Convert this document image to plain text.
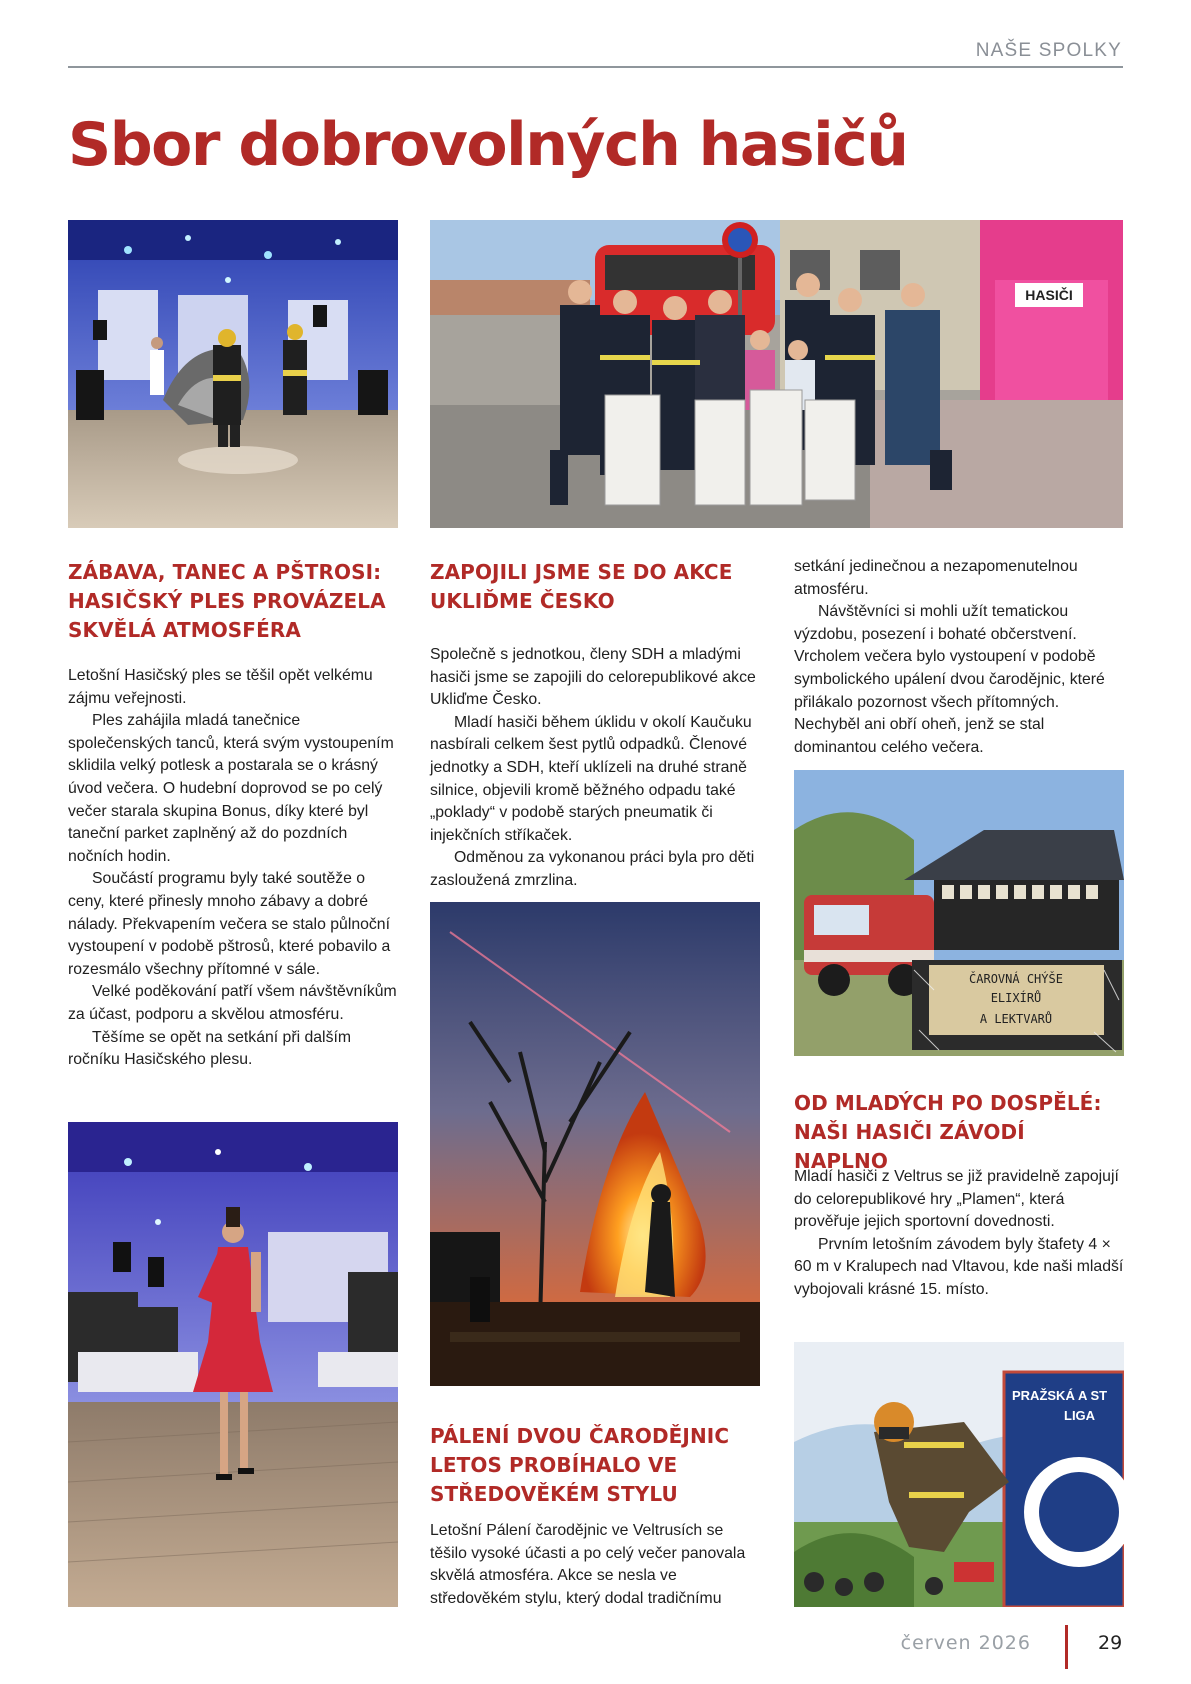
NAŠE SPOLKY
Sbor dobrovolných hasičů
HASIČI
ZÁBAVA, TANEC A PŠTROSI: HASIČSKÝ PLES PROVÁZELA SKVĚLÁ ATMOSFÉRA

Letošní Hasičský ples se těšil opět velkému zájmu veřejnosti.

Ples zahájila mladá tanečnice společenských tanců, která svým vystoupením sklidila velký potlesk a postarala se o krásný úvod večera. O hudební doprovod se po celý večer starala skupina Bonus, díky které byl taneční parket zaplněný až do pozdních nočních hodin.

Součástí programu byly také soutěže o ceny, které přinesly mnoho zábavy a dobré nálady. Překvapením večera se stalo půlnoční vystoupení v podobě pštrosů, které pobavilo a rozesmálo všechny přítomné v sále.

Velké poděkování patří všem návštěvníkům za účast, podporu a skvělou atmosféru.

Těšíme se opět na setkání při dalším ročníku Hasičského plesu.

ZAPOJILI JSME SE DO AKCE UKLIĎME ČESKO

Společně s jednotkou, členy SDH a mladými hasiči jsme se zapojili do celorepublikové akce Ukliďme Česko.

Mladí hasiči během úklidu v okolí Kaučuku nasbírali celkem šest pytlů odpadků. Členové jednotky a SDH, kteří uklízeli na druhé straně silnice, objevili kromě běžného odpadu také „poklady“ v podobě starých pneumatik či injekčních stříkaček.

Odměnou za vykonanou práci byla pro děti zasloužená zmrzlina.

PÁLENÍ DVOU ČARODĚJNIC LETOS PROBÍHALO VE STŘEDOVĚKÉM STYLU

Letošní Pálení čarodějnic ve Veltrusích se těšilo vysoké účasti a po celý večer panovala skvělá atmosféra. Akce se nesla ve středověkém stylu, který dodal tradičnímu

setkání jedinečnou a nezapomenutelnou atmosféru.

Návštěvníci si mohli užít tematickou výzdobu, posezení i bohaté občerstvení. Vrcholem večera bylo vystoupení v podobě symbolického upálení dvou čarodějnic, které přilákalo pozornost všech přítomných. Nechyběl ani obří oheň, jenž se stal dominantou celého večera.

ČAROVNÁ CHÝŠE
ELIXÍRŮ
A LEKTVARŮ
OD MLADÝCH PO DOSPĚLÉ: NAŠI HASIČI ZÁVODÍ NAPLNO

Mladí hasiči z Veltrus se již pravidelně zapojují do celorepublikové hry „Plamen“, která prověřuje jejich sportovní dovednosti.

Prvním letošním závodem byly štafety 4 × 60 m v Kralupech nad Vltavou, kde naši mladší vybojovali krásné 15. místo.

PRAŽSKÁ A ST
LIGA
červen 2026	29
